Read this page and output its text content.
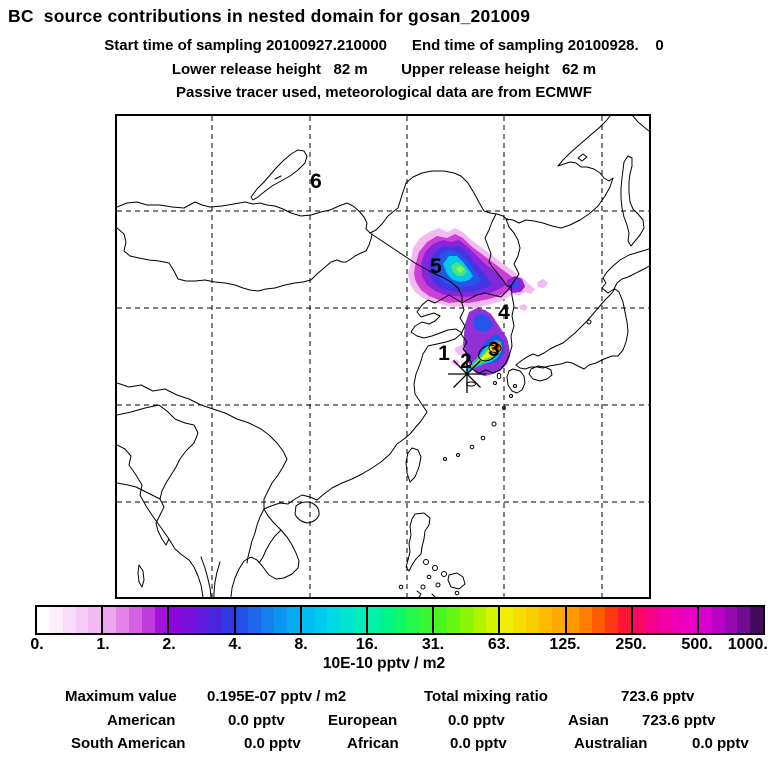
BC  source contributions in nested domain for gosan_201009
Start time of sampling 20100927.210000      End time of sampling 20100928.    0
Lower release height   82 m        Upper release height   62 m
Passive tracer used, meteorological data are from ECMWF
1 2
3
4
5
6
0.	1.	2.	4.	8.	16.	31.	63. 125. 250. 500. 1000.
10E-10 pptv / m2
Maximum value 0.195E-07 pptv / m2	Total mixing ratio	723.6 pptv
American	0.0 pptv	European	0.0 pptv	Asian 723.6 pptv
South American	0.0 pptv	African	0.0 pptv	Australian	0.0 pptv
